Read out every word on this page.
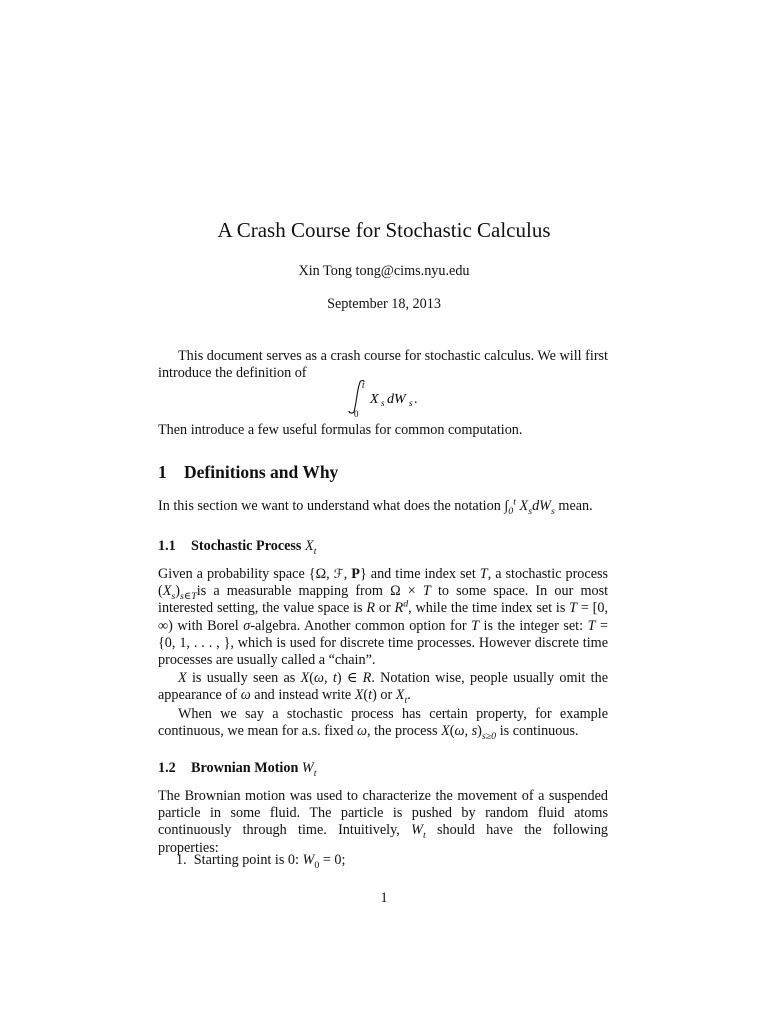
A Crash Course for Stochastic Calculus
Xin Tong tong@cims.nyu.edu
September 18, 2013

This document serves as a crash course for stochastic calculus. We will first introduce the definition of

t
0
X s dW s .

Then introduce a few useful formulas for common computation.

1 Definitions and Why

In this section we want to understand what does the notation $\int_0^t$ $X_sdW_s$ mean.

1.1 Stochastic Process $X_t$

Given a probability space {Ω, ℱ, P} and time index set T, a stochastic process $(X_s)_{s\in T}is$ a measurable mapping from Ω × T to some space. In our most interested setting, the value space is R or $R^d$, while the time index set is T = [0, ∞) with Borel σ-algebra. Another common option for T is the integer set: T = {0, 1, . . . , }, which is used for discrete time processes. However discrete time processes are usually called a “chain”.

X is usually seen as X(ω, t) ∈ R. Notation wise, people usually omit the appearance of ω and instead write X(t) or $X_t$.

When we say a stochastic process has certain property, for example continuous, we mean for a.s. fixed ω, the process X(ω, $s)_{s\ge 0}$ is continuous.

1.2 Brownian Motion $W_t$

The Brownian motion was used to characterize the movement of a suspended particle in some fluid. The particle is pushed by random fluid atoms continuously through time. Intuitively, $W_t$ should have the following properties:

1. Starting point is 0: $W_0 = 0$;
1
